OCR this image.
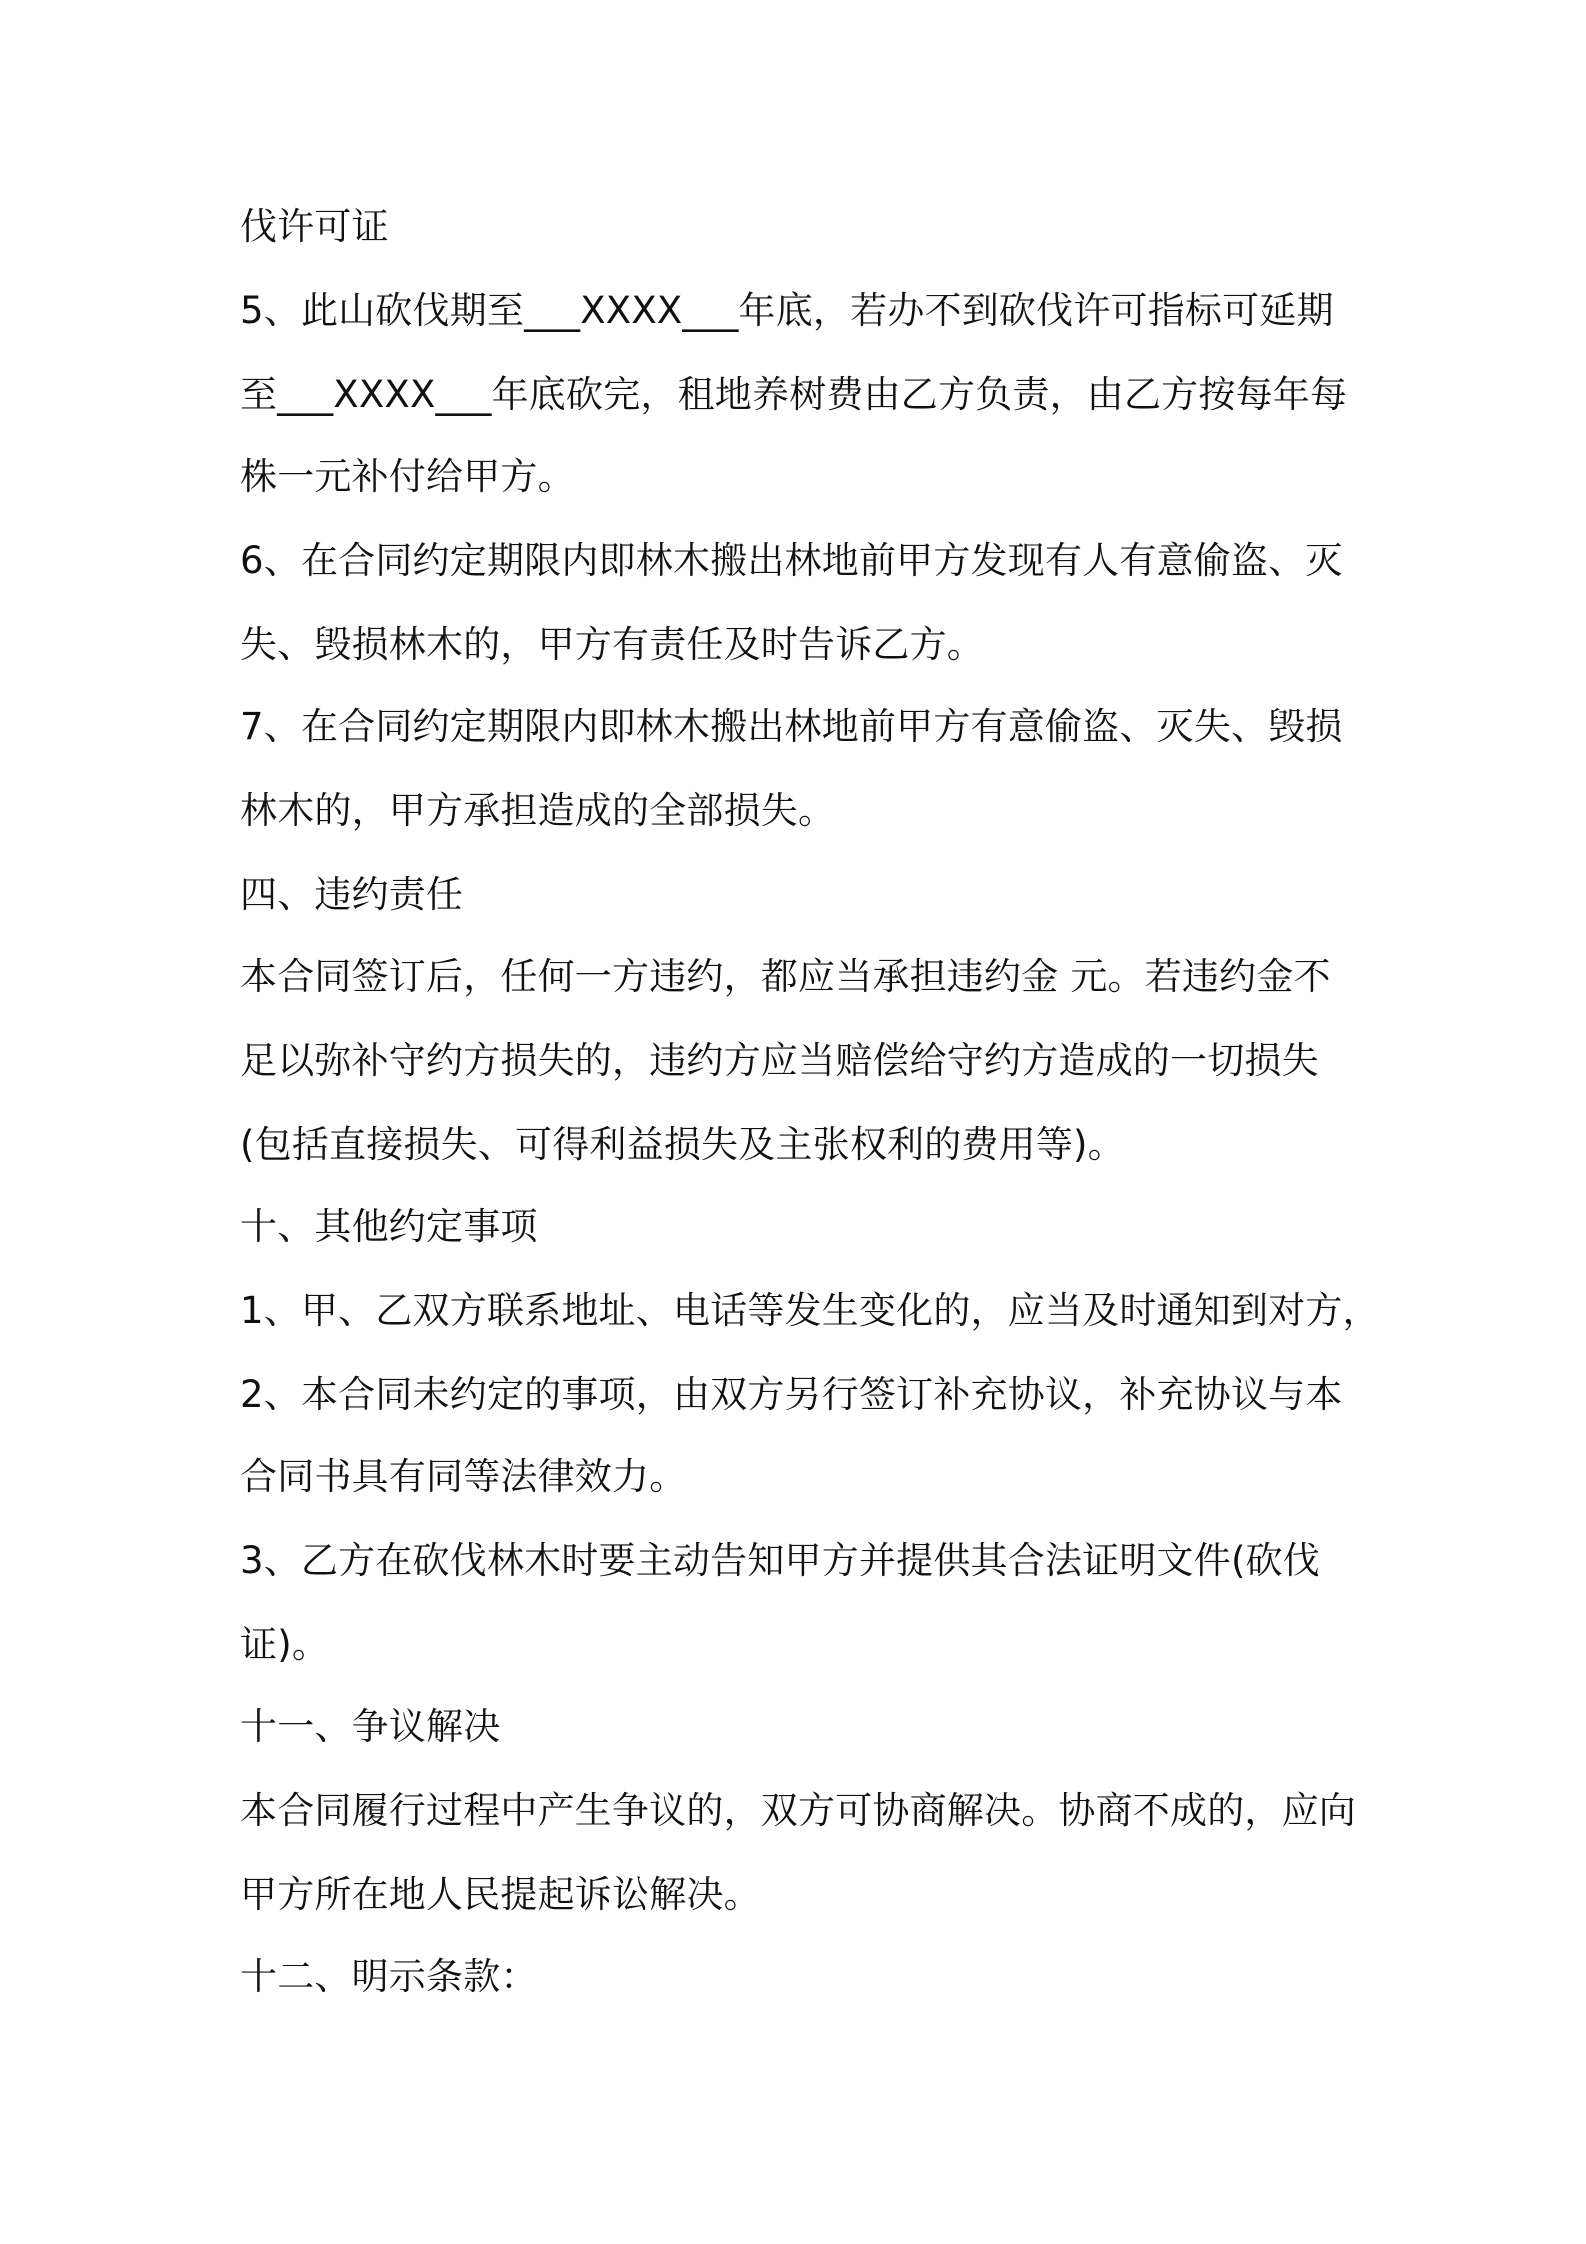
伐许可证
5、此山砍伐期至___XXXX___年底，若办不到砍伐许可指标可延期
至___XXXX___年底砍完，租地养树费由乙方负责，由乙方按每年每
株一元补付给甲方。
6、在合同约定期限内即林木搬出林地前甲方发现有人有意偷盗、灭
失、毁损林木的，甲方有责任及时告诉乙方。
7、在合同约定期限内即林木搬出林地前甲方有意偷盗、灭失、毁损
林木的，甲方承担造成的全部损失。
四、违约责任
本合同签订后，任何一方违约，都应当承担违约金 元。若违约金不
足以弥补守约方损失的，违约方应当赔偿给守约方造成的一切损失
(包括直接损失、可得利益损失及主张权利的费用等)。
十、其他约定事项
1、甲、乙双方联系地址、电话等发生变化的，应当及时通知到对方，
2、本合同未约定的事项，由双方另行签订补充协议，补充协议与本
合同书具有同等法律效力。
3、乙方在砍伐林木时要主动告知甲方并提供其合法证明文件(砍伐
证)。
十一、争议解决
本合同履行过程中产生争议的，双方可协商解决。协商不成的，应向
甲方所在地人民提起诉讼解决。
十二、明示条款：
